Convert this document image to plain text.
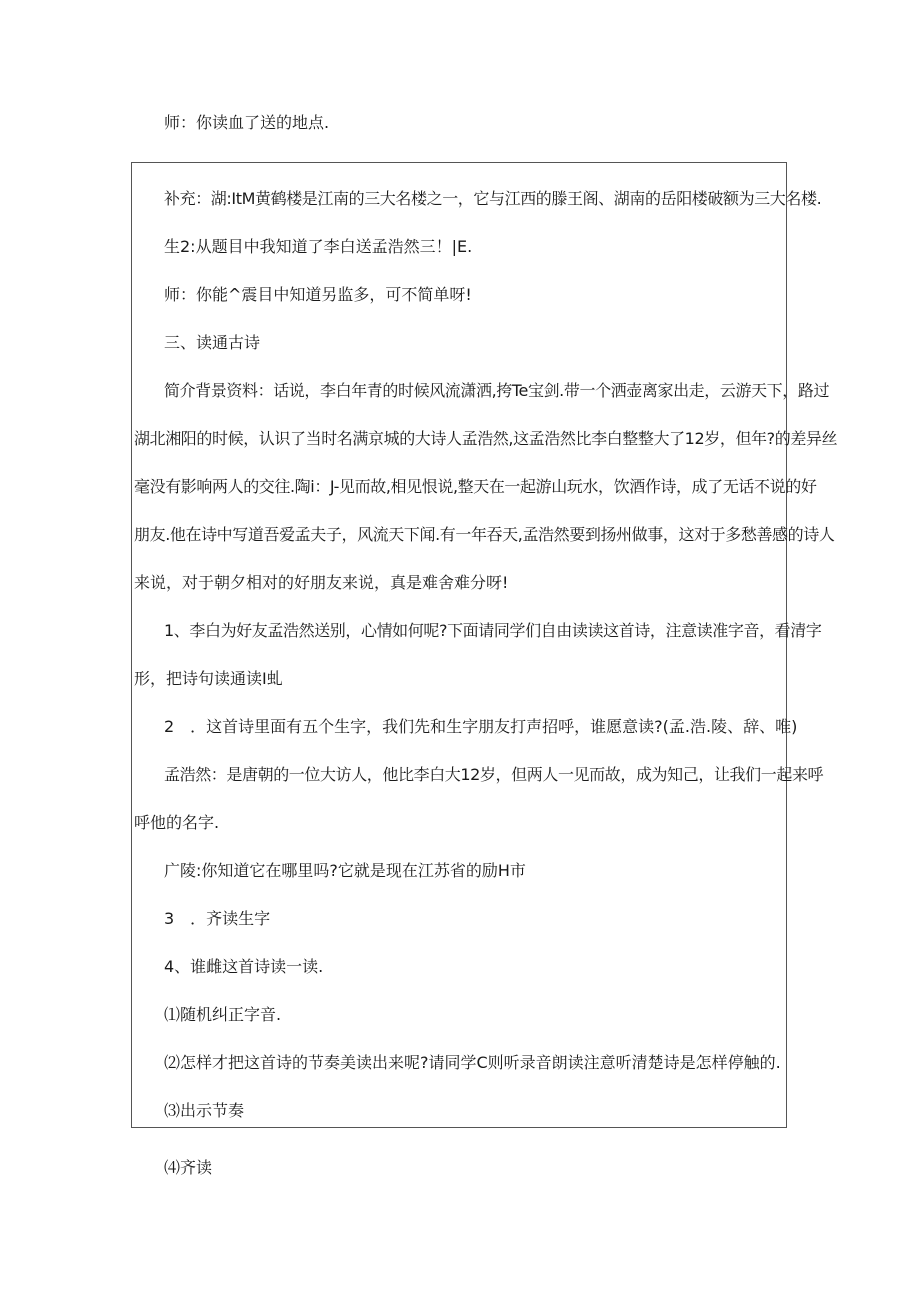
师：你读血了送的地点.

补充：湖:ItM黄鹤楼是江南的三大名楼之一，它与江西的滕王阁、湖南的岳阳楼破额为三大名楼.

生2:从题目中我知道了李白送孟浩然三！|E.

师：你能^震目中知道另监多，可不简单呀!

三、读通古诗

简介背景资料：话说，李白年青的时候风流潇洒,挎Te宝剑.带一个洒壶离家出走，云游天下，路过

湖北湘阳的时候，认识了当时名满京城的大诗人孟浩然,这孟浩然比李白整整大了12岁，但年?的差异丝

毫没有影响两人的交往.陶i：J-见而故,相见恨说,整天在一起游山玩水，饮酒作诗，成了无话不说的好

朋友.他在诗中写道吾爱孟夫子，风流天下闻.有一年吞天,孟浩然要到扬州做事，这对于多愁善感的诗人

来说，对于朝夕相对的好朋友来说，真是难舍难分呀!

1、李白为好友孟浩然送别，心情如何呢?下面请同学们自由读读这首诗，注意读准字音，看清字

形，把诗句读通读I虬

2　．这首诗里面有五个生字，我们先和生字朋友打声招呼，谁愿意读?(孟.浩.陵、辞、唯)

孟浩然：是唐朝的一位大访人，他比李白大12岁，但两人一见而故，成为知己，让我们一起来呼

呼他的名字.

广陵:你知道它在哪里吗?它就是现在江苏省的励H市

3　．齐读生字

4、谁雌这首诗读一读.

⑴随机纠正字音.

⑵怎样才把这首诗的节奏美读出来呢?请同学C则听录音朗读注意听清楚诗是怎样停触的.

⑶出示节奏

⑷齐读
